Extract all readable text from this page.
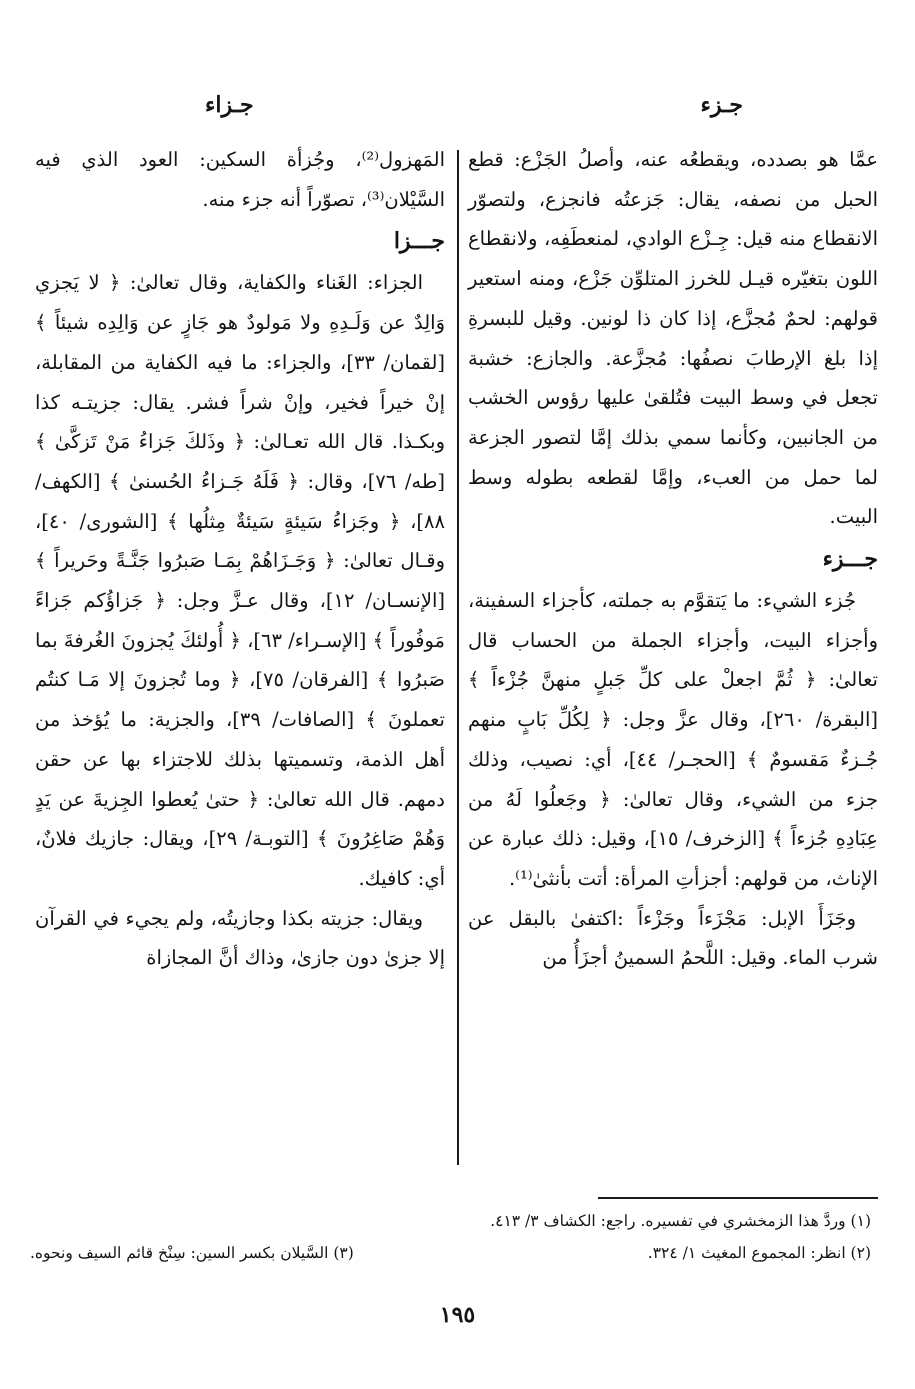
جـزء
جـزاء

عمَّا هو بصدده، ويقطعُه عنه، وأصلُ الجَزْع: قطع الحبل من نصفه، يقال: جَزعتُه فانجزع، ولتصوّر الانقطاع منه قيل: جِـزْع الوادي، لمنعطَفِه، ولانقطاع اللون بتغيّره قيـل للخرز المتلوِّن جَزْع، ومنه استعير قولهم: لحمٌ مُجزَّع، إذا كان ذا لونين. وقيل للبسرةِ إذا بلغ الإرطابَ نصفُها: مُجزَّعة. والجازع: خشبة تجعل في وسط البيت فتُلقىٰ عليها رؤوس الخشب من الجانبين، وكأنما سمي بذلك إمَّا لتصور الجزعة لما حمل من العبء، وإمَّا لقطعه بطوله وسط البيت.

جـــزء

جُزء الشيء: ما يَتقوَّم به جملته، كأجزاء السفينة، وأجزاء البيت، وأجزاء الجملة من الحساب قال تعالىٰ: ﴿ ثُمَّ اجعلْ على كلِّ جَبلٍ منهنَّ جُزْءاً ﴾ [البقرة/ ٢٦٠]، وقال عزَّ وجل: ﴿ لِكُلِّ بَابٍ منهم جُـزءٌ مَقسومٌ ﴾ [الحجـر/ ٤٤]، أي: نصيب، وذلك جزء من الشيء، وقال تعالىٰ: ﴿ وجَعلُوا لَهُ من عِبَادِهِ جُزءاً ﴾ [الزخرف/ ١٥]، وقيل: ذلك عبارة عن الإناث، من قولهم: أجزأتِ المرأة: أتت بأنثىٰ⁽¹⁾.

وجَزَأَ الإبل: مَجْزَءاً وجَزْءاً :اكتفىٰ بالبقل عن شرب الماء. وقيل: اللَّحمُ السمينُ أجزَأُ من

المَهزول⁽²⁾، وجُزأة السكين: العود الذي فيه السَّيْلان⁽³⁾، تصوّراً أنه جزء منه.

جـــزا

الجزاء: الغَناء والكفاية، وقال تعالىٰ: ﴿ لا يَجزي وَالِدٌ عن وَلَـدِهِ ولا مَولودٌ هو جَازٍ عن وَالِدِه شيئاً ﴾ [لقمان/ ٣٣]، والجزاء: ما فيه الكفاية من المقابلة، إنْ خيراً فخير، وإنْ شراً فشر. يقال: جزيتـه كذا وبكـذا. قال الله تعـالىٰ: ﴿ وذَلكَ جَزاءُ مَنْ تَزكَّىٰ ﴾ [طه/ ٧٦]، وقال: ﴿ فَلَهُ جَـزاءُ الحُسنىٰ ﴾ [الكهف/ ٨٨]، ﴿ وجَزاءُ سَيئةٍ سَيئةٌ مِثلُها ﴾ [الشورى/ ٤٠]، وقـال تعالىٰ: ﴿ وَجَـزَاهُمْ بِمَـا صَبرُوا جَنَّـةً وحَريراً ﴾ [الإنسـان/ ١٢]، وقال عـزَّ وجل: ﴿ جَزاؤُكم جَزاءً مَوفُوراً ﴾ [الإسـراء/ ٦٣]، ﴿ أُولئكَ يُجزونَ الغُرفةَ بما صَبرُوا ﴾ [الفرقان/ ٧٥]، ﴿ وما تُجزونَ إلا مَـا كنتُم تعملونَ ﴾ [الصافات/ ٣٩]، والجزية: ما يُؤخذ من أهل الذمة، وتسميتها بذلك للاجتزاء بها عن حقن دمهم. قال الله تعالىٰ: ﴿ حتىٰ يُعطوا الجِزيةَ عن يَدٍ وَهُمْ صَاغِرُونَ ﴾ [التوبـة/ ٢٩]، ويقال: جازيك فلانٌ، أي: كافيك.

ويقال: جزيته بكذا وجازيتُه، ولم يجيء في القرآن إلا جزىٰ دون جازىٰ، وذاك أنَّ المجازاة

(١) وردَّ هذا الزمخشري في تفسيره. راجع: الكشاف ٣/ ٤١٣.
(٢) انظر: المجموع المغيث ١/ ٣٢٤.
(٣) السَّيلان بكسر السين: سِنْخ قائم السيف ونحوه.
١٩٥
